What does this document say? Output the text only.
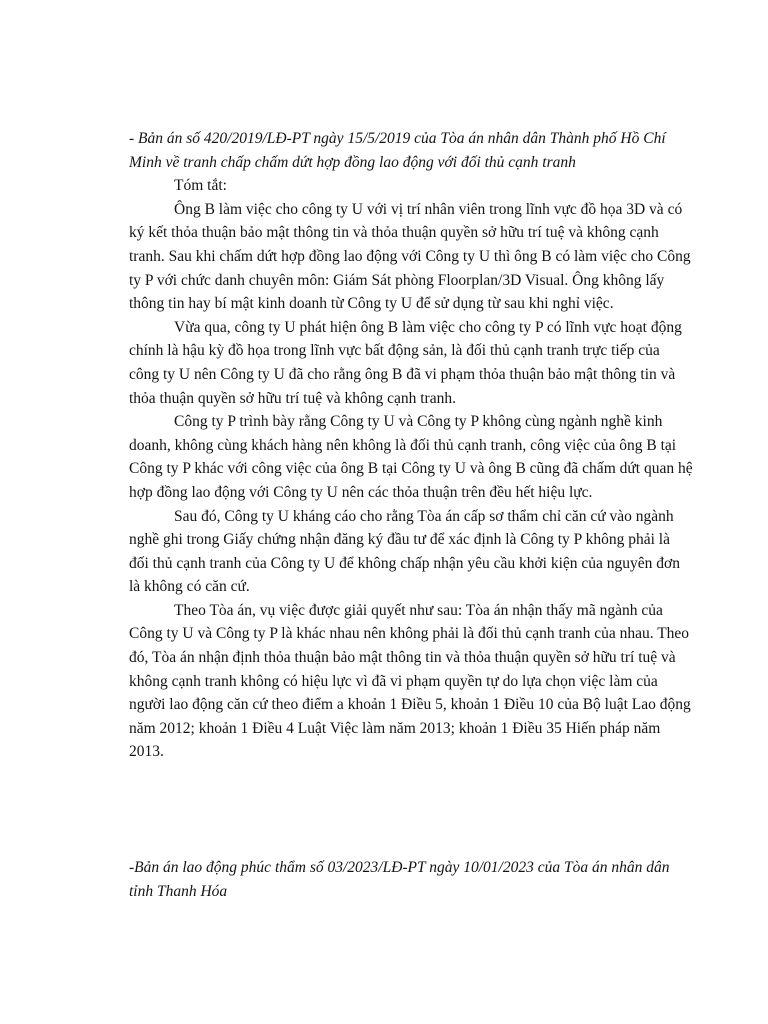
- Bản án số 420/2019/LĐ-PT ngày 15/5/2019 của Tòa án nhân dân Thành phố Hồ Chí Minh về tranh chấp chấm dứt hợp đồng lao động với đối thủ cạnh tranh

Tóm tắt:

Ông B làm việc cho công ty U với vị trí nhân viên trong lĩnh vực đồ họa 3D và có ký kết thỏa thuận bảo mật thông tin và thỏa thuận quyền sở hữu trí tuệ và không cạnh tranh. Sau khi chấm dứt hợp đồng lao động với Công ty U thì ông B có làm việc cho Công ty P với chức danh chuyên môn: Giám Sát phòng Floorplan/3D Visual. Ông không lấy thông tin hay bí mật kinh doanh từ Công ty U để sử dụng từ sau khi nghỉ việc.

Vừa qua, công ty U phát hiện ông B làm việc cho công ty P có lĩnh vực hoạt động chính là hậu kỳ đồ họa trong lĩnh vực bất động sản, là đối thủ cạnh tranh trực tiếp của công ty U nên Công ty U đã cho rằng ông B đã vi phạm thỏa thuận bảo mật thông tin và thỏa thuận quyền sở hữu trí tuệ và không cạnh tranh.

Công ty P trình bày rằng Công ty U và Công ty P không cùng ngành nghề kinh doanh, không cùng khách hàng nên không là đối thủ cạnh tranh, công việc của ông B tại Công ty P khác với công việc của ông B tại Công ty U và ông B cũng đã chấm dứt quan hệ hợp đồng lao động với Công ty U nên các thỏa thuận trên đều hết hiệu lực.

Sau đó, Công ty U kháng cáo cho rằng Tòa án cấp sơ thẩm chỉ căn cứ vào ngành nghề ghi trong Giấy chứng nhận đăng ký đầu tư để xác định là Công ty P không phải là đối thủ cạnh tranh của Công ty U để không chấp nhận yêu cầu khởi kiện của nguyên đơn là không có căn cứ.

Theo Tòa án, vụ việc được giải quyết như sau: Tòa án nhận thấy mã ngành của Công ty U và Công ty P là khác nhau nên không phải là đối thủ cạnh tranh của nhau. Theo đó, Tòa án nhận định thỏa thuận bảo mật thông tin và thỏa thuận quyền sở hữu trí tuệ và không cạnh tranh không có hiệu lực vì đã vi phạm quyền tự do lựa chọn việc làm của người lao động căn cứ theo điểm a khoản 1 Điều 5, khoản 1 Điều 10 của Bộ luật Lao động năm 2012; khoản 1 Điều 4 Luật Việc làm năm 2013; khoản 1 Điều 35 Hiến pháp năm 2013.

-Bản án lao động phúc thẩm số 03/2023/LĐ-PT ngày 10/01/2023 của Tòa án nhân dân tỉnh Thanh Hóa
